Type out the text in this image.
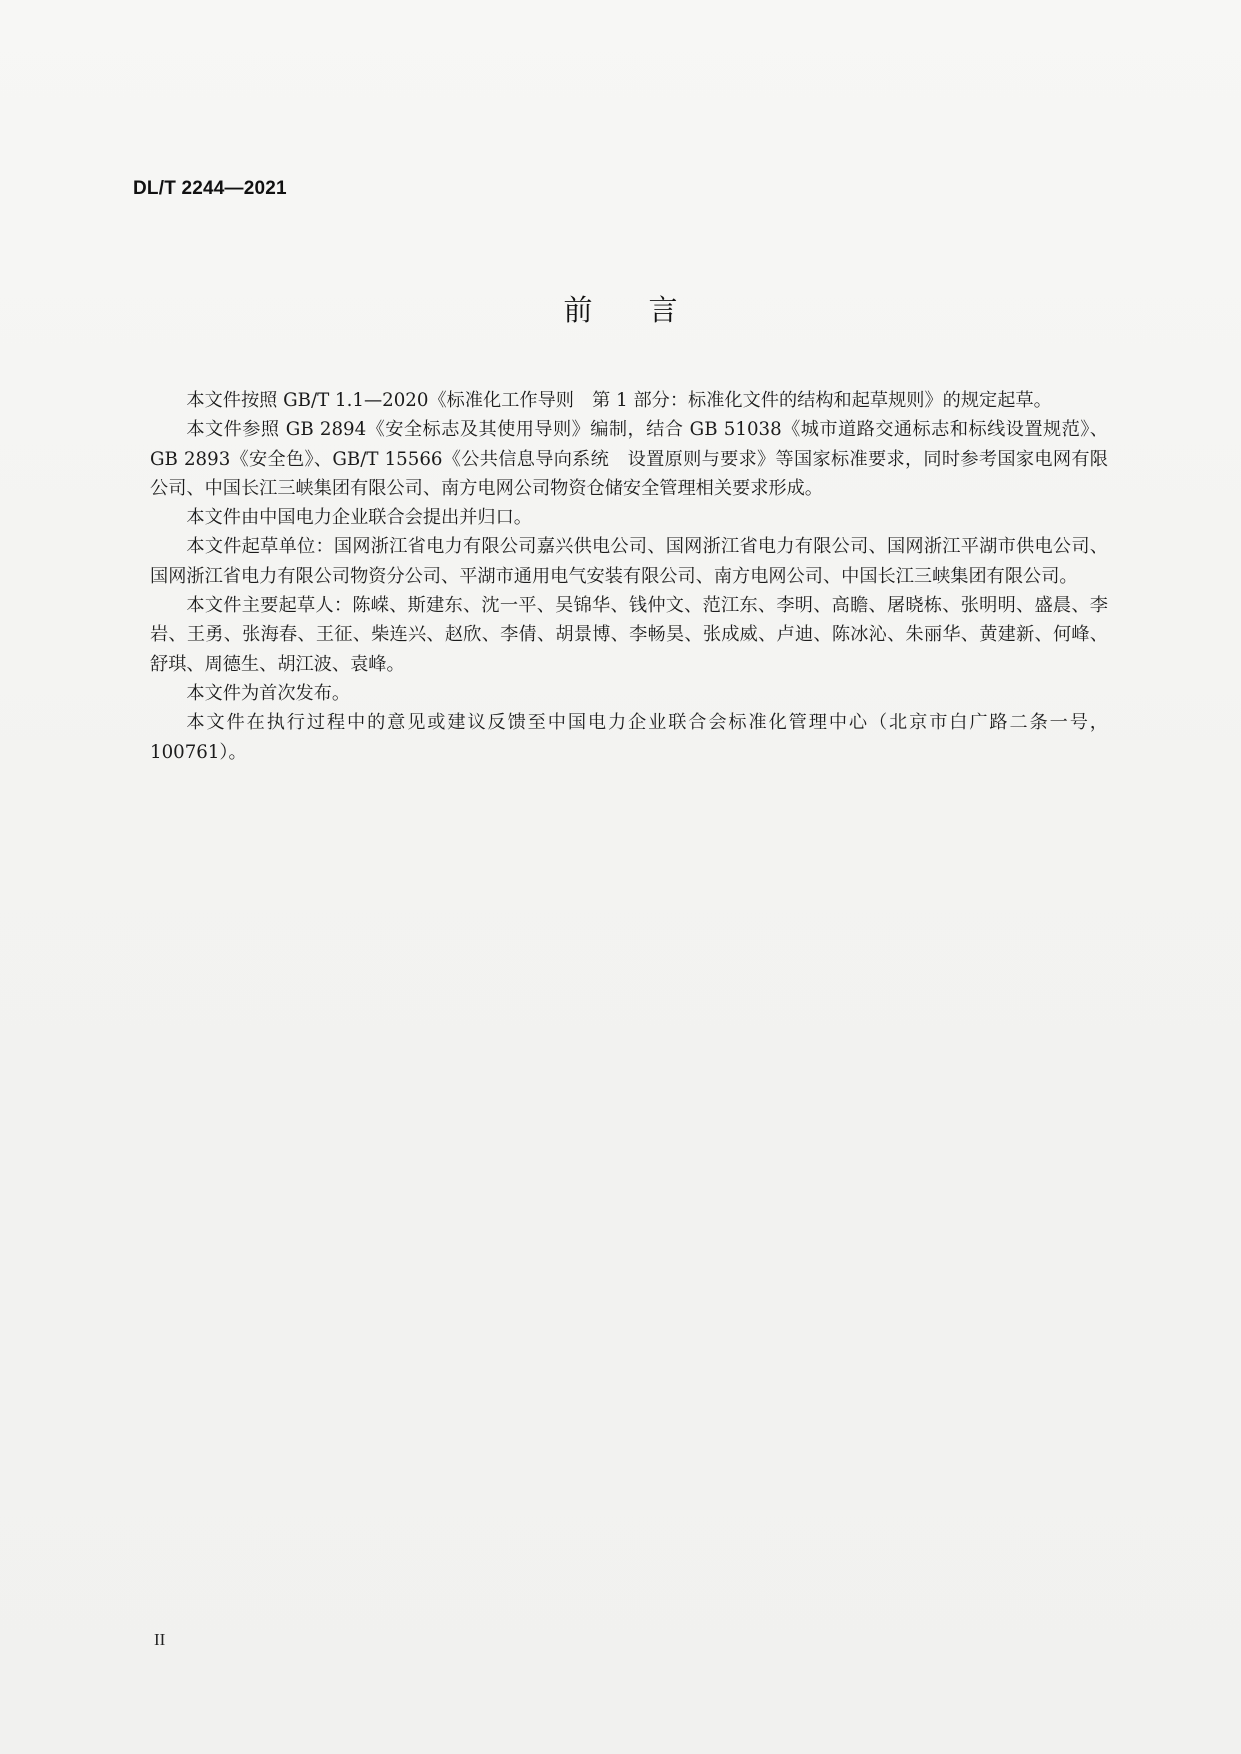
DL/T 2244—2021
前言

本文件按照 GB/T 1.1—2020《标准化工作导则　第 1 部分：标准化文件的结构和起草规则》的规定起草。

本文件参照 GB 2894《安全标志及其使用导则》编制，结合 GB 51038《城市道路交通标志和标线设置规范》、GB 2893《安全色》、GB/T 15566《公共信息导向系统　设置原则与要求》等国家标准要求，同时参考国家电网有限公司、中国长江三峡集团有限公司、南方电网公司物资仓储安全管理相关要求形成。

本文件由中国电力企业联合会提出并归口。

本文件起草单位：国网浙江省电力有限公司嘉兴供电公司、国网浙江省电力有限公司、国网浙江平湖市供电公司、国网浙江省电力有限公司物资分公司、平湖市通用电气安装有限公司、南方电网公司、中国长江三峡集团有限公司。

本文件主要起草人：陈嵘、斯建东、沈一平、吴锦华、钱仲文、范江东、李明、高瞻、屠晓栋、张明明、盛晨、李岩、王勇、张海春、王征、柴连兴、赵欣、李倩、胡景博、李畅昊、张成威、卢迪、陈冰沁、朱丽华、黄建新、何峰、舒琪、周德生、胡江波、袁峰。

本文件为首次发布。

本文件在执行过程中的意见或建议反馈至中国电力企业联合会标准化管理中心（北京市白广路二条一号，100761）。

II
